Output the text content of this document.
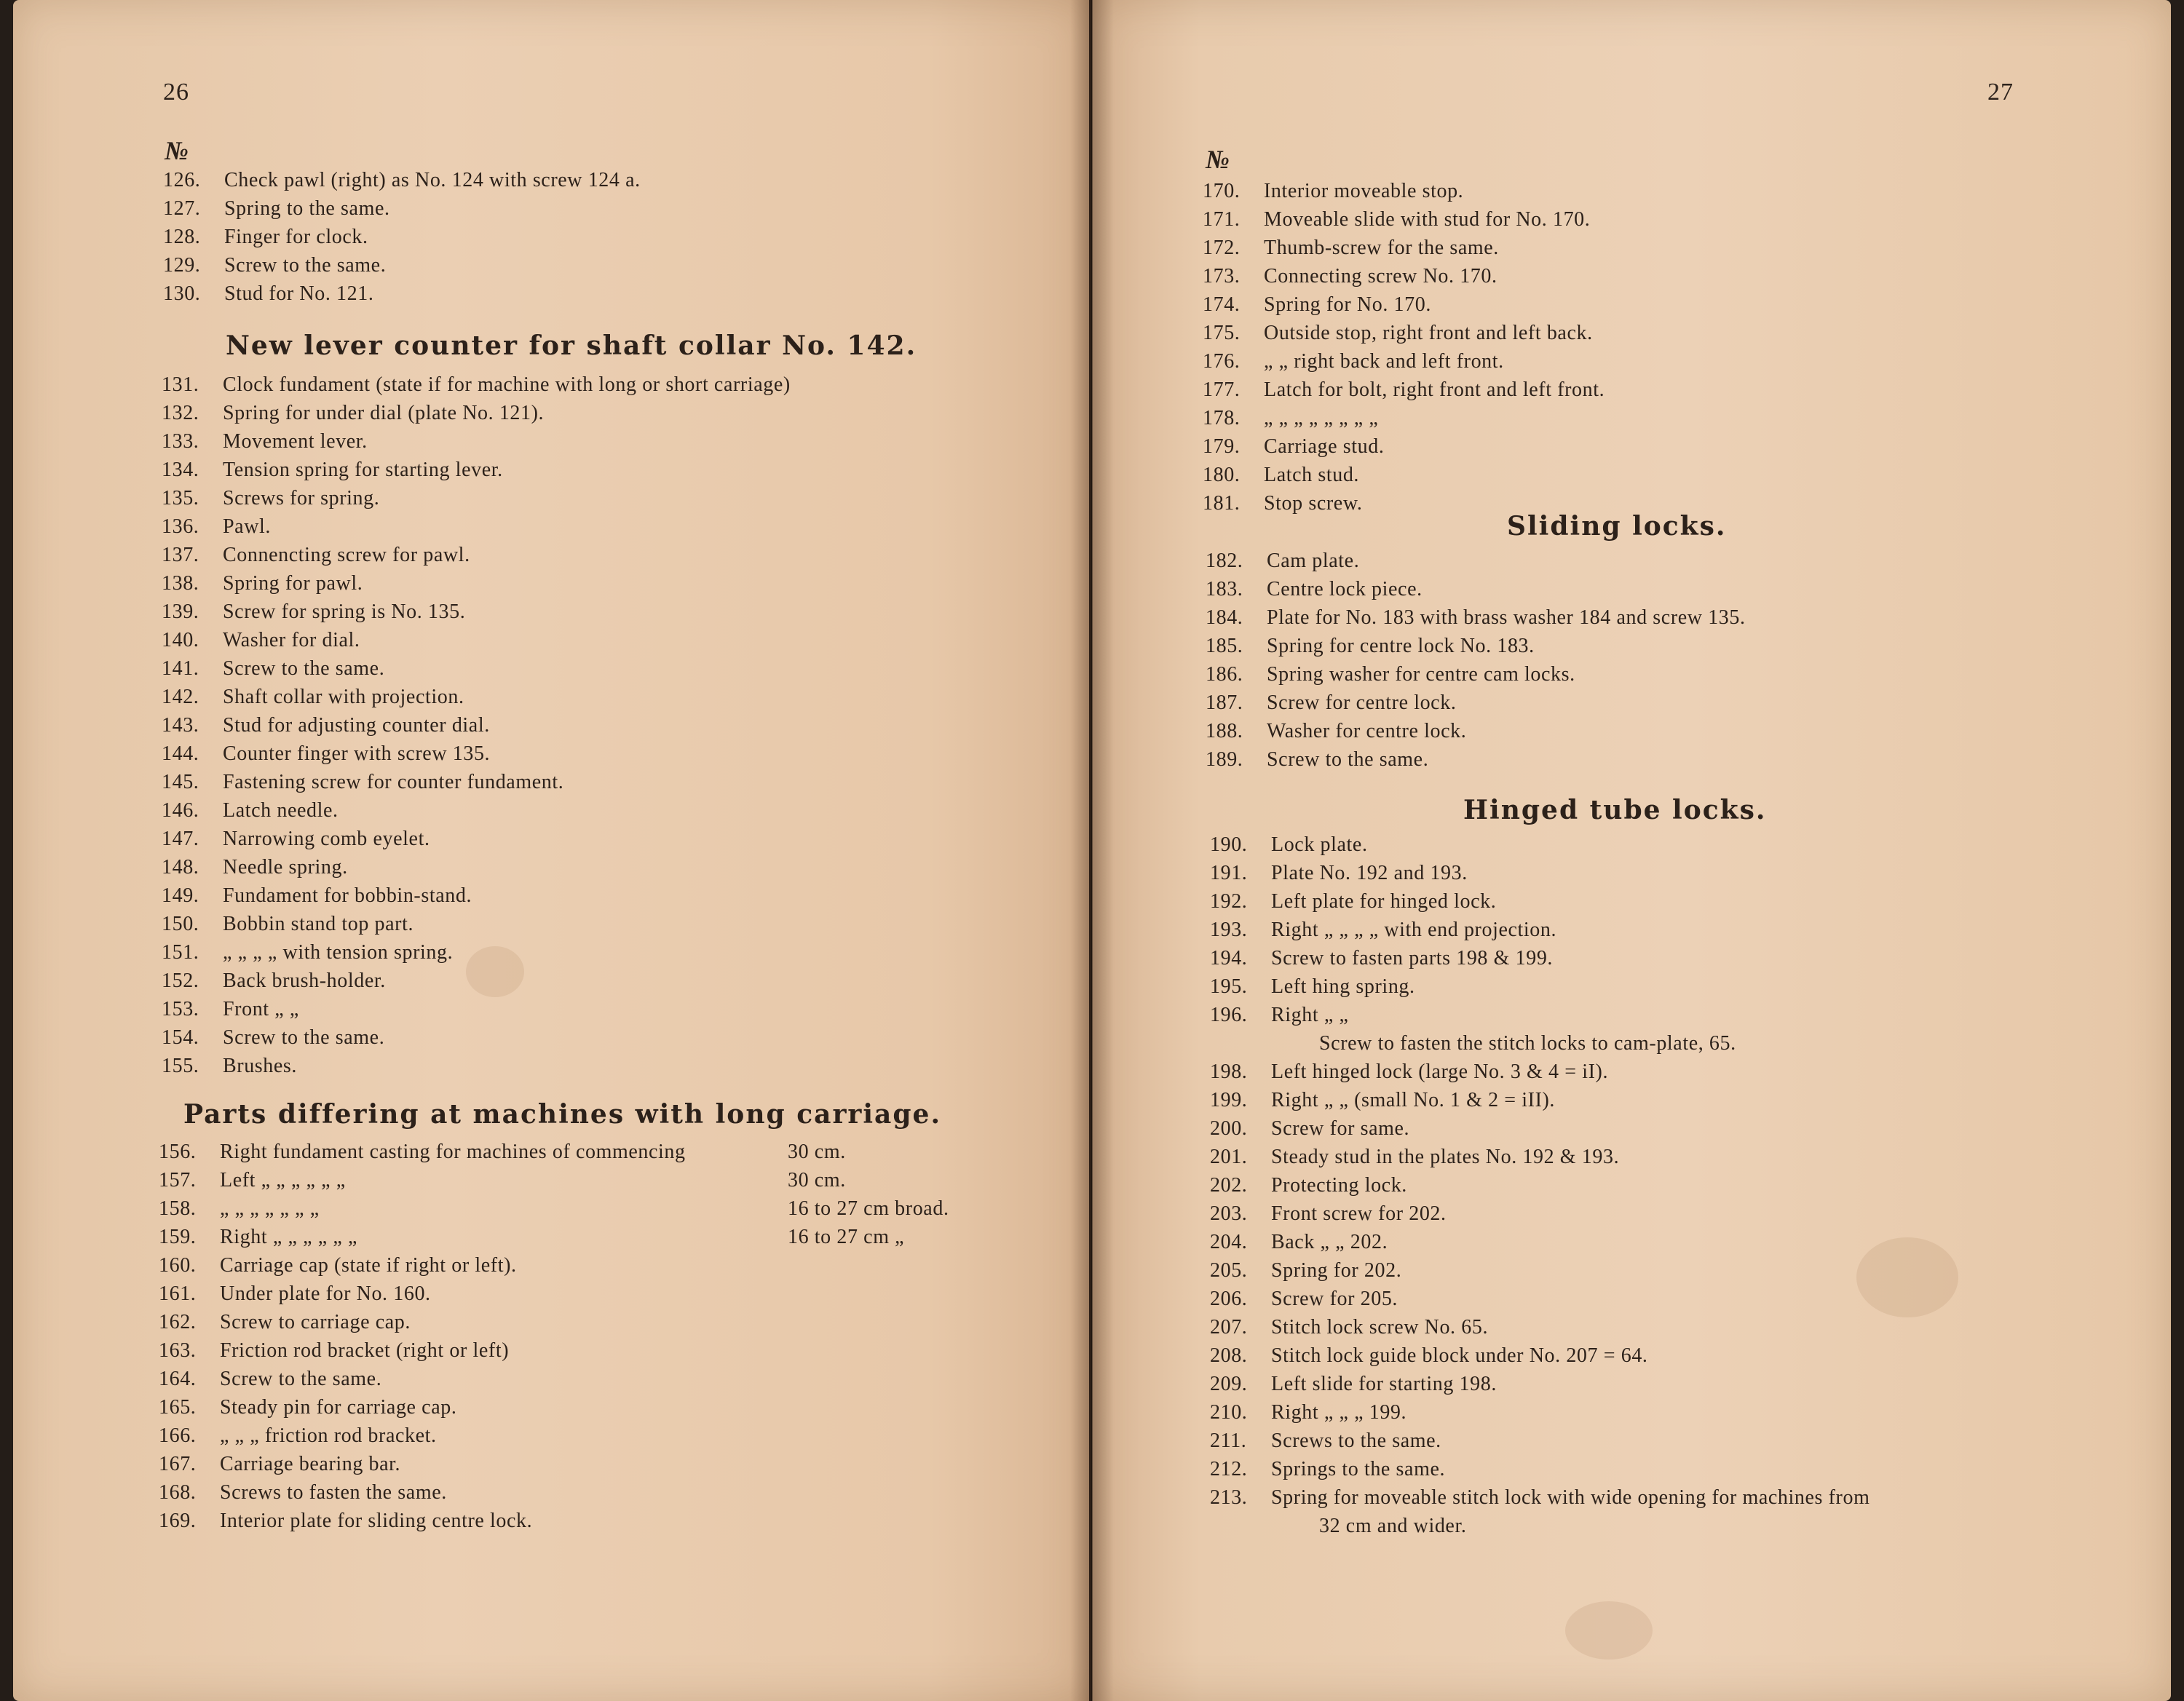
26
№
126.	Check pawl (right) as No. 124 with screw 124 a.
127.	Spring to the same.
128.	Finger for clock.
129.	Screw to the same.
130.	Stud for No. 121.
New lever counter for shaft collar No. 142.
131.	Clock fundament (state if for machine with long or short carriage)
132.	Spring for under dial (plate No. 121).
133.	Movement lever.
134.	Tension spring for starting lever.
135.	Screws for spring.
136.	Pawl.
137.	Connencting screw for pawl.
138.	Spring for pawl.
139.	Screw for spring is No. 135.
140.	Washer for dial.
141.	Screw to the same.
142.	Shaft collar with projection.
143.	Stud for adjusting counter dial.
144.	Counter finger with screw 135.
145.	Fastening screw for counter fundament.
146.	Latch needle.
147.	Narrowing comb eyelet.
148.	Needle spring.
149.	Fundament for bobbin-stand.
150.	Bobbin stand top part.
151.	„ „ „ „ with tension spring.
152.	Back brush-holder.
153.	Front „ „
154.	Screw to the same.
155.	Brushes.
Parts differing at machines with long carriage.
156.	Right fundament casting for machines of commencing	30 cm.
157.	Left „ „ „ „ „ „	30 cm.
158.	„ „ „ „ „ „ „	16 to 27 cm broad.
159.	Right „ „ „ „ „ „	16 to 27 cm „
160.	Carriage cap (state if right or left).
161.	Under plate for No. 160.
162.	Screw to carriage cap.
163.	Friction rod bracket (right or left)
164.	Screw to the same.
165.	Steady pin for carriage cap.
166.	„ „ „ friction rod bracket.
167.	Carriage bearing bar.
168.	Screws to fasten the same.
169.	Interior plate for sliding centre lock.
27
№
170.	Interior moveable stop.
171.	Moveable slide with stud for No. 170.
172.	Thumb-screw for the same.
173.	Connecting screw No. 170.
174.	Spring for No. 170.
175.	Outside stop, right front and left back.
176.	„ „ right back and left front.
177.	Latch for bolt, right front and left front.
178.	„ „ „ „ „ „ „ „
179.	Carriage stud.
180.	Latch stud.
181.	Stop screw.
Sliding locks.
182.	Cam plate.
183.	Centre lock piece.
184.	Plate for No. 183 with brass washer 184 and screw 135.
185.	Spring for centre lock No. 183.
186.	Spring washer for centre cam locks.
187.	Screw for centre lock.
188.	Washer for centre lock.
189.	Screw to the same.
Hinged tube locks.
190.	Lock plate.
191.	Plate No. 192 and 193.
192.	Left plate for hinged lock.
193.	Right „ „ „ „ with end projection.
194.	Screw to fasten parts 198 & 199.
195.	Left hing spring.
196.	Right „ „
Screw to fasten the stitch locks to cam-plate, 65.
198.	Left hinged lock (large No. 3 & 4 = iI).
199.	Right „ „ (small No. 1 & 2 = iII).
200.	Screw for same.
201.	Steady stud in the plates No. 192 & 193.
202.	Protecting lock.
203.	Front screw for 202.
204.	Back „ „ 202.
205.	Spring for 202.
206.	Screw for 205.
207.	Stitch lock screw No. 65.
208.	Stitch lock guide block under No. 207 = 64.
209.	Left slide for starting 198.
210.	Right „ „ „ 199.
211.	Screws to the same.
212.	Springs to the same.
213.	Spring for moveable stitch lock with wide opening for machines from
32 cm and wider.
